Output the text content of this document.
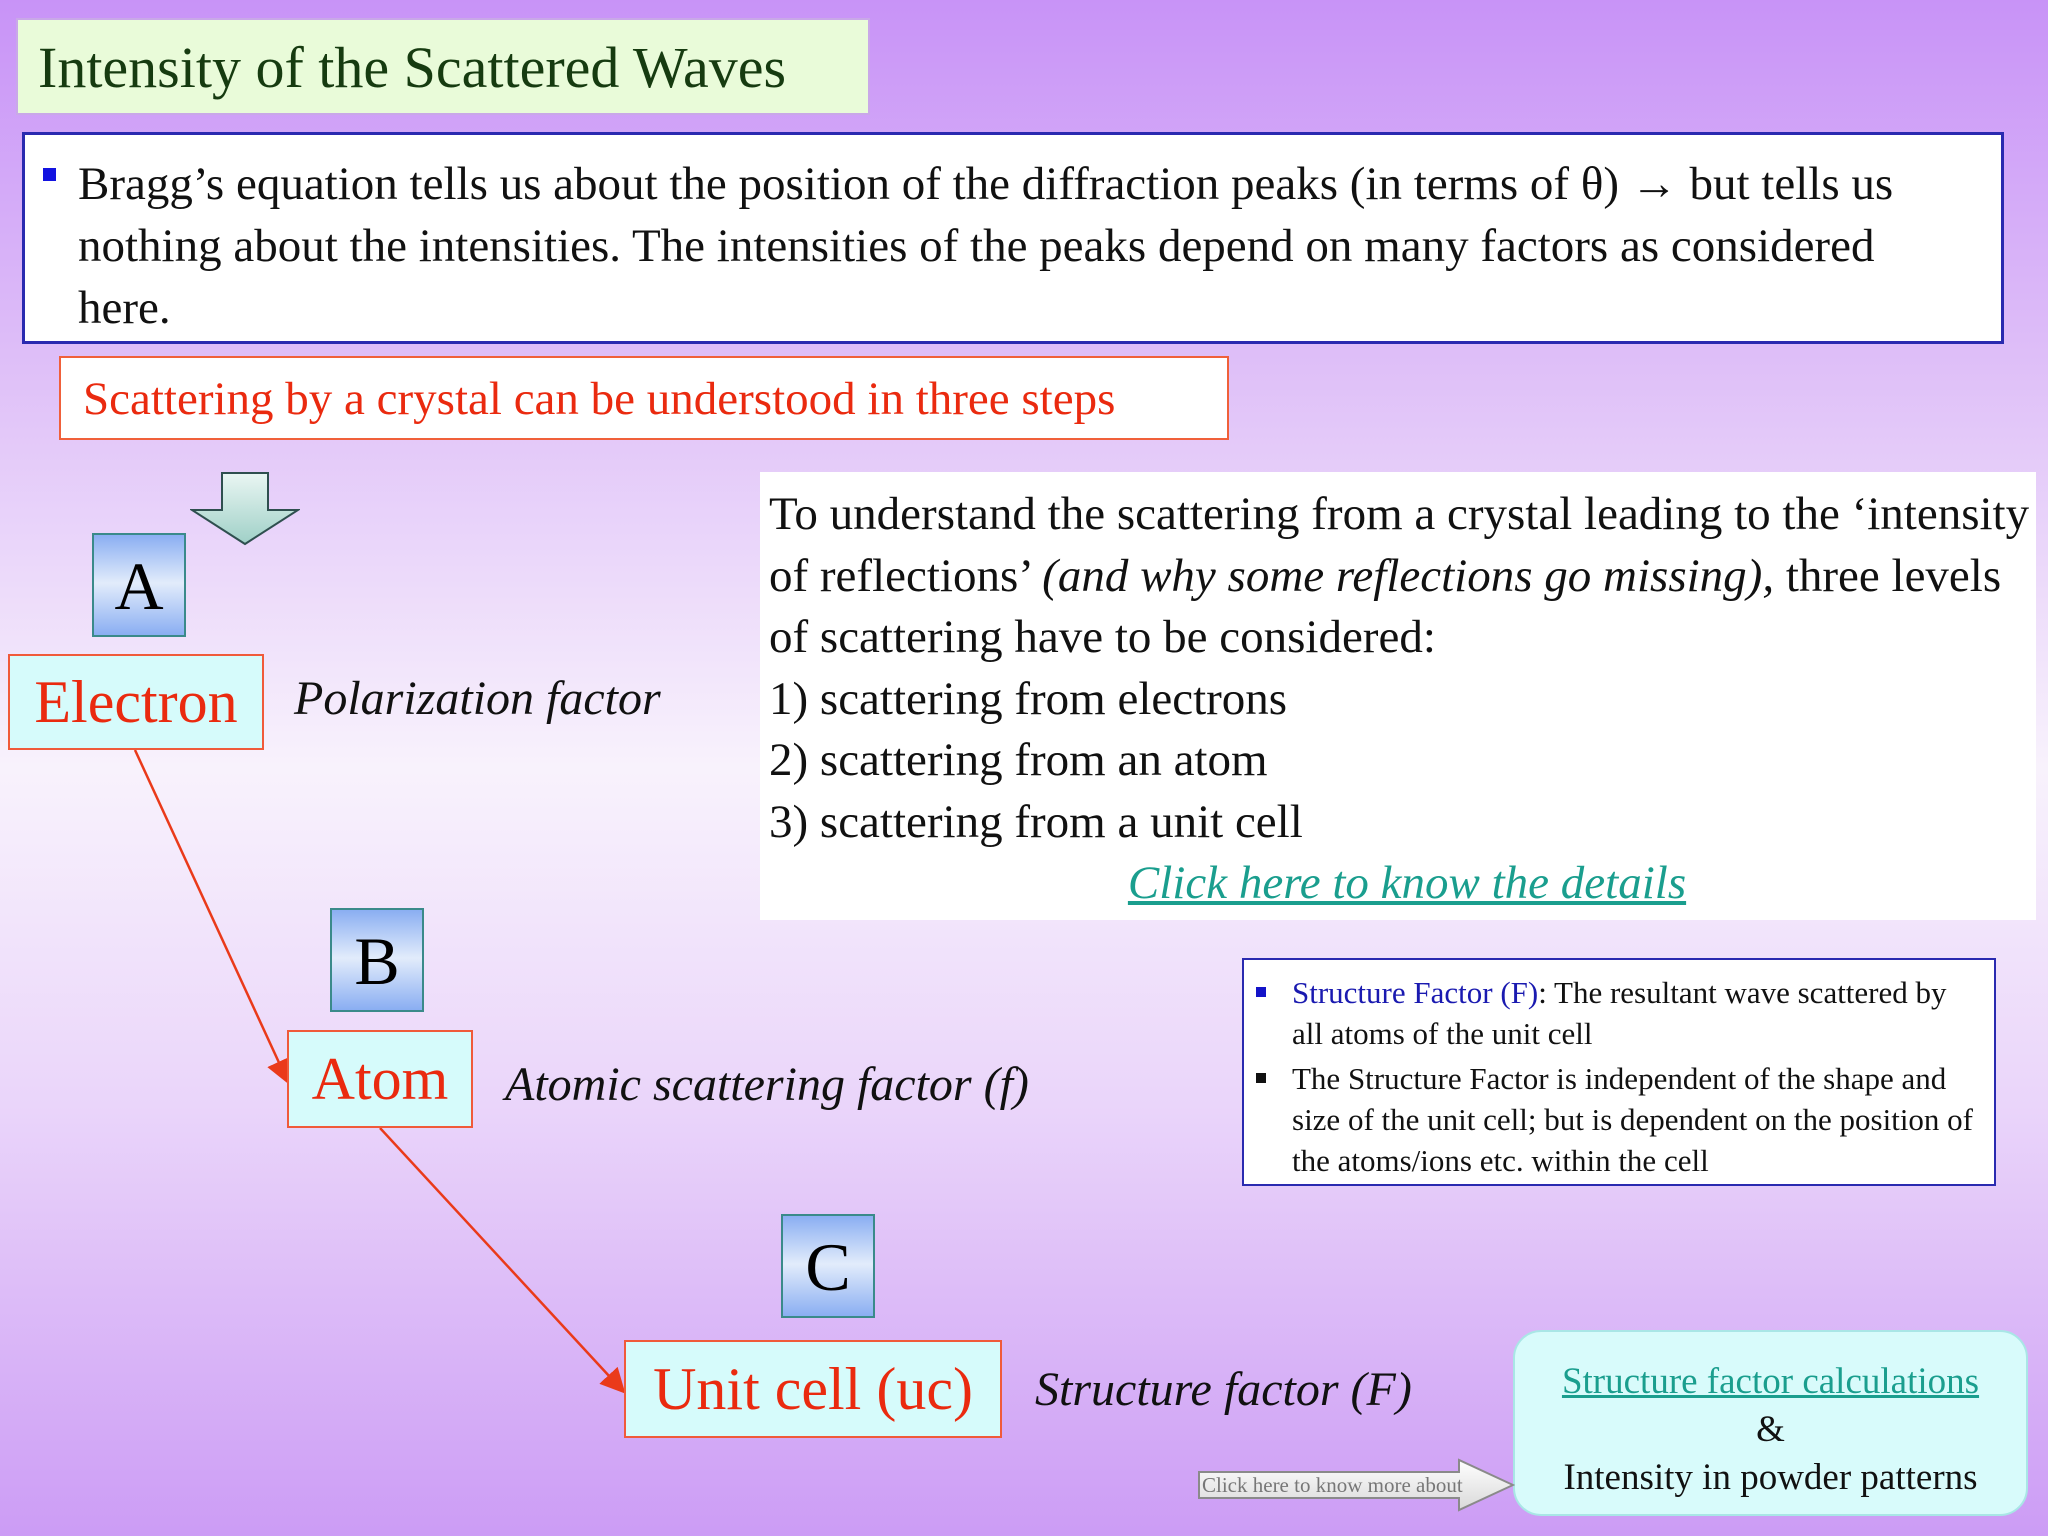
Intensity of the Scattered Waves
Bragg’s equation tells us about the position of the diffraction peaks (in terms of θ) → but tells us nothing about the intensities. The intensities of the peaks depend on many factors as considered here.
Scattering by a crystal can be understood in three steps
A
B
C
Electron
Atom
Unit cell (uc)
Polarization factor
Atomic scattering factor (f)
Structure factor (F)
To understand the scattering from a crystal leading to the ‘intensity of reflections’ (and why some reflections go missing), three levels of scattering have to be considered:
1) scattering from electrons
2) scattering from an atom
3) scattering from a unit cell
Click here to know the details
Structure Factor (F): The resultant wave scattered by all atoms of the unit cell
The Structure Factor is independent of the shape and size of the unit cell; but is dependent on the position of the atoms/ions etc. within the cell
Structure factor calculations
&
Intensity in powder patterns
Click here to know more about
